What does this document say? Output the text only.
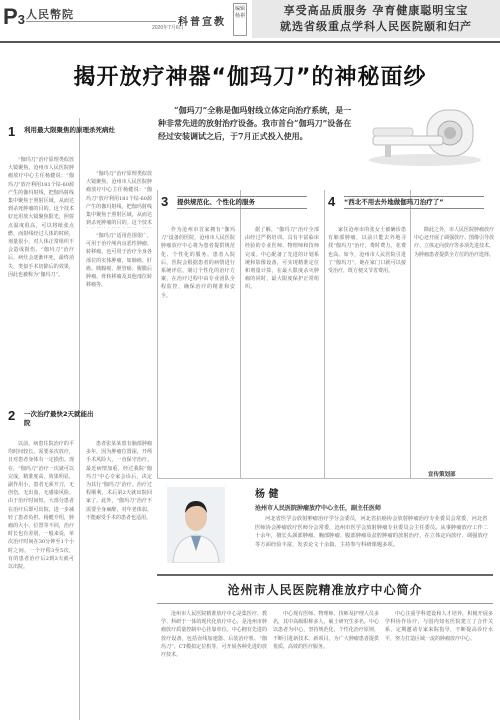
P3 人民幣院
2020年7月6日
科普宣教
编辑 杨祺	享受高品质服务 孕育健康聪明宝宝
就选省级重点学科人民医院颐和妇产
揭开放疗神器“伽玛刀”的神秘面纱
“伽玛刀”全称是伽玛射线立体定向治疗系统，是一种非常先进的放射治疗设备。我市首台“伽玛刀”设备在经过安装调试之后，于7月正式投入使用。
1	利用最大限聚焦的原理杀死病灶
“伽玛刀”治疗原理类似放大镜聚焦。沧州市人民医院肿瘤放疗中心主任杨健说：“伽玛刀”放疗利用181个钴-60源产生的伽玛射线，把伽玛射线集中聚焦于照射区域，从而达到杀死肿瘤的目的。这个技术
“伽玛刀”治疗原理类似放大镜聚焦。沧州市人民医院肿瘤放疗中心主任杨健说：“伽玛刀”放疗利用181个钴-60源产生的伽玛射线，把伽玛射线集中聚焦于照射区域，从而达到杀死肿瘤的目的。这个技术好比用放大镜聚焦阳光，照射点温度很高，可以将纸张点燃，而射线经过人体的时候，剂量很小，对人体正常组织不会造成损伤。“伽玛刀”治疗后，病灶会逐渐坏死，最终消失，类似手术切除后的效果，因此也被称为“伽玛刀”。
“伽玛刀”适用范围很广，可用于治疗颅内良恶性肿瘤、转移瘤，也可用于治疗全身各部位的实体肿瘤，如肺癌、肝癌、胰腺癌、胆管癌、腹膜后肿瘤、骨转移瘤及其他部位转移瘤等。
2	一次治疗最快2天就能出院
以前，病患住院治疗的平均时间较长，需要多次放疗，且对患者身体有一定损伤。现在，“伽玛刀”治疗一次就可以完成，精准度高，效果明显，副作用小，患者无须开刀，无创伤，无出血，无感染风险。由于治疗时间短，大部分患者在治疗后即可出院，进一步减轻了患者负担。杨健介绍，肿瘤的大小、位置等不同，治疗时长也有差别。一般来说，单次治疗时间在30分钟至1个小时之间，一个疗程3至5次，有的患者治疗后2到3天就可以出院。
患者张某某患有脑部肿瘤多年，因为肿瘤位置深，开颅手术风险大，一直保守治疗。最近病情加重，经过我院“伽玛刀”中心专家会诊后，决定为其行“伽玛刀”治疗。治疗过程顺利，术后第2天就出院回家了。此外，“伽玛刀”治疗不需要全身麻醉，对年老体弱、不能耐受手术的患者也适用。
3	提供规范化、个性化的服务
作为沧州市首家拥有“伽玛刀”设备的医院，沧州市人民医院肿瘤放疗中心将为患者提供规范化、个性化的服务。患者入院后，医院会根据患者的病情进行系统评估，制订个性化的治疗方案，在治疗过程中由专业团队全程监控，确保治疗的精准和安全。
据了解，“伽玛刀”治疗全部由经过严格培训、具有丰富临床经验的专业医师、物理师和技师完成。中心配备了先进的计划系统和影像设备，可实现精准定位和剂量计算，在最大限度杀灭肿瘤的同时，最大限度保护正常组织。
4	“西北不用去外地做伽玛刀治疗了”
家住沧州市的张女士被确诊患有肺部肿瘤，以前只能去外地寻找“伽玛刀”治疗，费时费力，花费也高。如今，沧州市人民医院引进了“伽玛刀”，她在家门口就可以接受治疗，既方便又节省费用。
除此之外，市人民医院肿瘤放疗中心还开展了调强放疗、图像引导放疗、立体定向放疗等多项先进技术，为肿瘤患者提供全方位的治疗选择。
宣传策划部
杨 健
沧州市人民医院肿瘤放疗中心主任，副主任医师
河北省医学会放射肿瘤治疗学分会委员，河北省抗癌协会放射肿瘤治疗专业委员会常委，河北省医师协会肿瘤放疗医师分会常委，沧州市医学会放射肿瘤专业委员会主任委员。从事肿瘤放疗工作二十余年，擅长头颈部肿瘤、胸部肿瘤、腹部肿瘤及盆腔肿瘤的放射治疗，在立体定向放疗、调强放疗等方面经验丰富，发表论文十余篇，主持参与科研课题多项。
沧州市人民医院精准放疗中心简介
沧州市人民医院精准放疗中心是集医疗、教学、科研于一体的现代化放疗中心，是沧州市肿瘤放疗质量控制中心挂靠单位。中心拥有先进的放疗设备，包括直线加速器、后装治疗机、“伽玛刀”、CT模拟定位机等，可开展各种先进的放疗技术。
中心现有医师、物理师、技师及护理人员多名，其中高级职称多人，硕士研究生多名。中心以患者为中心，坚持规范化、个性化治疗原则，不断引进新技术、新项目，为广大肿瘤患者提供优质、高效的医疗服务。
中心注重学科建设和人才培养，积极开展多学科协作诊疗，与国内知名医院建立了合作关系，定期邀请专家来院指导，不断提高诊疗水平，努力打造区域一流的肿瘤放疗中心。
